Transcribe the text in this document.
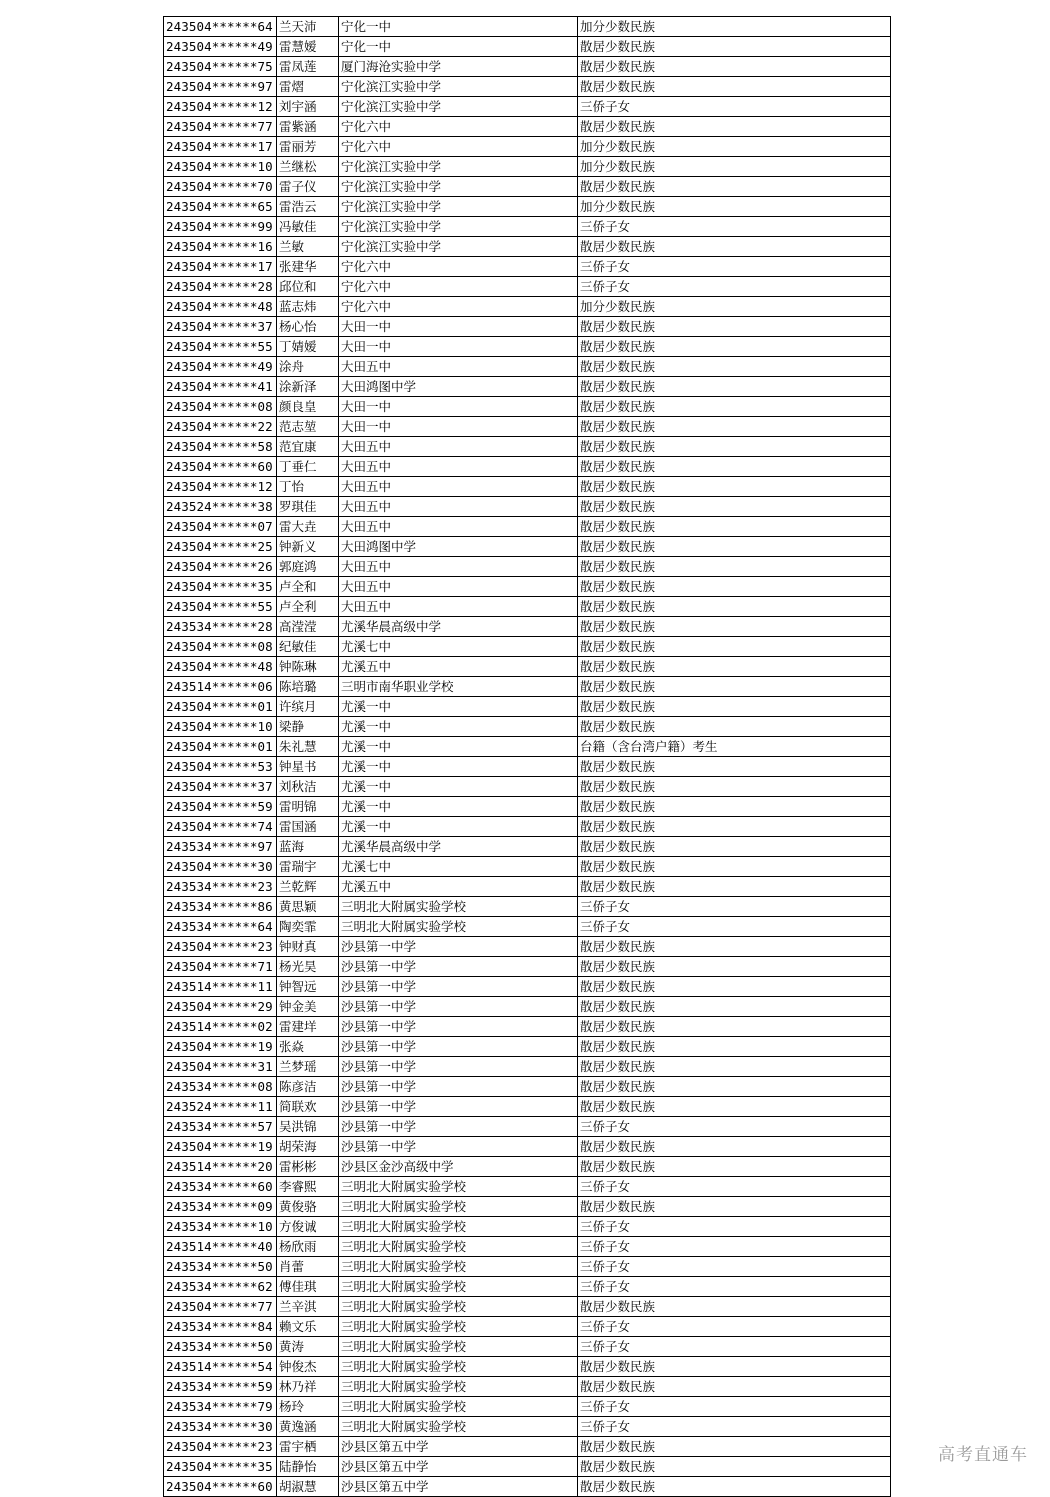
243504******64	兰天沛	宁化一中	加分少数民族
243504******49	雷慧嫒	宁化一中	散居少数民族
243504******75	雷凤莲	厦门海沧实验中学	散居少数民族
243504******97	雷熠	宁化滨江实验中学	散居少数民族
243504******12	刘宇涵	宁化滨江实验中学	三侨子女
243504******77	雷紫涵	宁化六中	散居少数民族
243504******17	雷丽芳	宁化六中	加分少数民族
243504******10	兰继松	宁化滨江实验中学	加分少数民族
243504******70	雷子仪	宁化滨江实验中学	散居少数民族
243504******65	雷浩云	宁化滨江实验中学	加分少数民族
243504******99	冯敏佳	宁化滨江实验中学	三侨子女
243504******16	兰敏	宁化滨江实验中学	散居少数民族
243504******17	张建华	宁化六中	三侨子女
243504******28	邱位和	宁化六中	三侨子女
243504******48	蓝志炜	宁化六中	加分少数民族
243504******37	杨心怡	大田一中	散居少数民族
243504******55	丁婧嫒	大田一中	散居少数民族
243504******49	涂舟	大田五中	散居少数民族
243504******41	涂新泽	大田鸿图中学	散居少数民族
243504******08	颜良皇	大田一中	散居少数民族
243504******22	范志堃	大田一中	散居少数民族
243504******58	范宜康	大田五中	散居少数民族
243504******60	丁垂仁	大田五中	散居少数民族
243504******12	丁怡	大田五中	散居少数民族
243524******38	罗琪佳	大田五中	散居少数民族
243504******07	雷大垚	大田五中	散居少数民族
243504******25	钟新义	大田鸿图中学	散居少数民族
243504******26	郭庭鸿	大田五中	散居少数民族
243504******35	卢全和	大田五中	散居少数民族
243504******55	卢全利	大田五中	散居少数民族
243534******28	高滢滢	尤溪华晨高级中学	散居少数民族
243504******08	纪敏佳	尤溪七中	散居少数民族
243504******48	钟陈琳	尤溪五中	散居少数民族
243514******06	陈培璐	三明市南华职业学校	散居少数民族
243504******01	许缤月	尤溪一中	散居少数民族
243504******10	梁静	尤溪一中	散居少数民族
243504******01	朱礼慧	尤溪一中	台籍（含台湾户籍）考生
243504******53	钟星书	尤溪一中	散居少数民族
243504******37	刘秋洁	尤溪一中	散居少数民族
243504******59	雷明锦	尤溪一中	散居少数民族
243504******74	雷国涵	尤溪一中	散居少数民族
243534******97	蓝海	尤溪华晨高级中学	散居少数民族
243504******30	雷瑞宇	尤溪七中	散居少数民族
243534******23	兰乾辉	尤溪五中	散居少数民族
243534******86	黄思颖	三明北大附属实验学校	三侨子女
243534******64	陶奕霏	三明北大附属实验学校	三侨子女
243504******23	钟财真	沙县第一中学	散居少数民族
243504******71	杨光昊	沙县第一中学	散居少数民族
243514******11	钟智远	沙县第一中学	散居少数民族
243504******29	钟金美	沙县第一中学	散居少数民族
243514******02	雷建垟	沙县第一中学	散居少数民族
243504******19	张焱	沙县第一中学	散居少数民族
243504******31	兰梦瑶	沙县第一中学	散居少数民族
243534******08	陈彦洁	沙县第一中学	散居少数民族
243524******11	简联欢	沙县第一中学	散居少数民族
243534******57	吴洪锦	沙县第一中学	三侨子女
243504******19	胡荣海	沙县第一中学	散居少数民族
243514******20	雷彬彬	沙县区金沙高级中学	散居少数民族
243534******60	李睿熙	三明北大附属实验学校	三侨子女
243534******09	黄俊骆	三明北大附属实验学校	散居少数民族
243534******10	方俊诚	三明北大附属实验学校	三侨子女
243514******40	杨欣雨	三明北大附属实验学校	三侨子女
243534******50	肖蕾	三明北大附属实验学校	三侨子女
243534******62	傅佳琪	三明北大附属实验学校	三侨子女
243504******77	兰辛淇	三明北大附属实验学校	散居少数民族
243534******84	赖文乐	三明北大附属实验学校	三侨子女
243534******50	黄涛	三明北大附属实验学校	三侨子女
243514******54	钟俊杰	三明北大附属实验学校	散居少数民族
243534******59	林乃祥	三明北大附属实验学校	散居少数民族
243534******79	杨玲	三明北大附属实验学校	三侨子女
243534******30	黄逸涵	三明北大附属实验学校	三侨子女
243504******23	雷宇栖	沙县区第五中学	散居少数民族
243504******35	陆静怡	沙县区第五中学	散居少数民族
243504******60	胡淑慧	沙县区第五中学	散居少数民族
高考直通车
